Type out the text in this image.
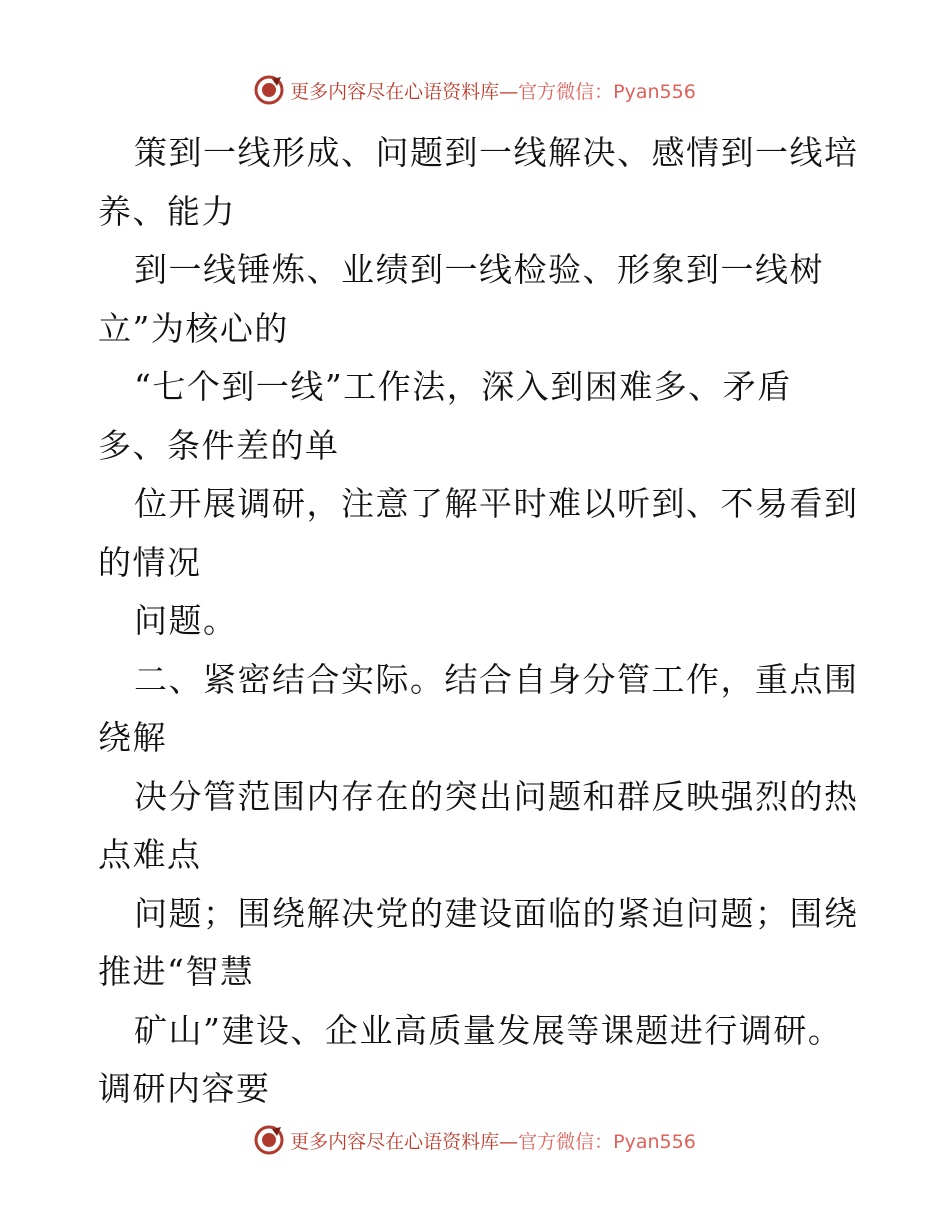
更多内容尽在心语资料库—官方微信：Pyan556
策到一线形成、问题到一线解决、感情到一线培
养、能力
到一线锤炼、业绩到一线检验、形象到一线树
立”为核心的
“七个到一线”工作法，深入到困难多、矛盾
多、条件差的单
位开展调研，注意了解平时难以听到、不易看到
的情况
问题。
二、紧密结合实际。结合自身分管工作，重点围
绕解
决分管范围内存在的突出问题和群反映强烈的热
点难点
问题；围绕解决党的建设面临的紧迫问题；围绕
推进“智慧
矿山”建设、企业高质量发展等课题进行调研。
调研内容要
更多内容尽在心语资料库—官方微信：Pyan556
